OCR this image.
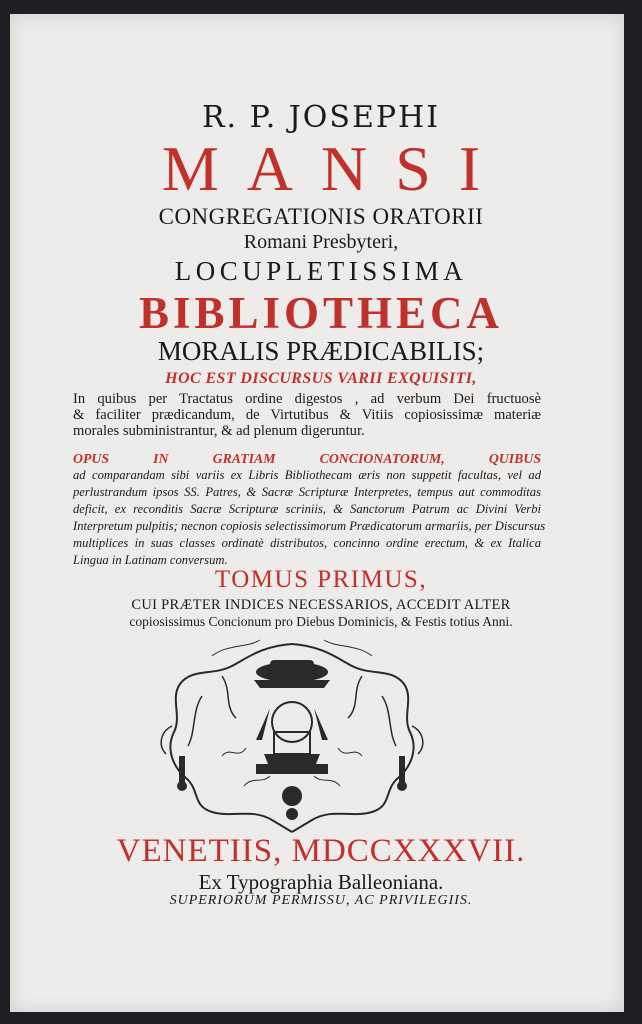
R. P. JOSEPHI
MANSI
CONGREGATIONIS ORATORII
Romani Presbyteri,
LOCUPLETISSIMA
BIBLIOTHECA
MORALIS PRÆDICABILIS;
HOC EST DISCURSUS VARII EXQUISITI,
In quibus per Tractatus ordine digestos , ad verbum Dei fructuosè
& faciliter prædicandum, de Virtutibus & Vitiis copiosissimæ materiæ
morales subministrantur, & ad plenum digeruntur.
OPUS IN GRATIAM CONCIONATORUM, QUIBUS
ad comparandam sibi variis ex Libris Bibliothecam æris non suppetit facultas, vel ad
perlustrandum ipsos SS. Patres, & Sacræ Scripturæ Interpretes, tempus aut commoditas
deficit, ex reconditis Sacræ Scripturæ scriniis, & Sanctorum Patrum ac Divini Verbi
Interpretum pulpitis; necnon copiosis selectissimorum Prædicatorum armariis, per Discursus
multiplices in suas classes ordinatè distributos, concinno ordine erectum, & ex Italica
Lingua in Latinam conversum.
TOMUS PRIMUS,
CUI PRÆTER INDICES NECESSARIOS, ACCEDIT ALTER
copiosissimus Concionum pro Diebus Dominicis, & Festis totius Anni.
VENETIIS, MDCCXXXVII.
Ex Typographia Balleoniana.
SUPERIORUM PERMISSU, AC PRIVILEGIIS.
